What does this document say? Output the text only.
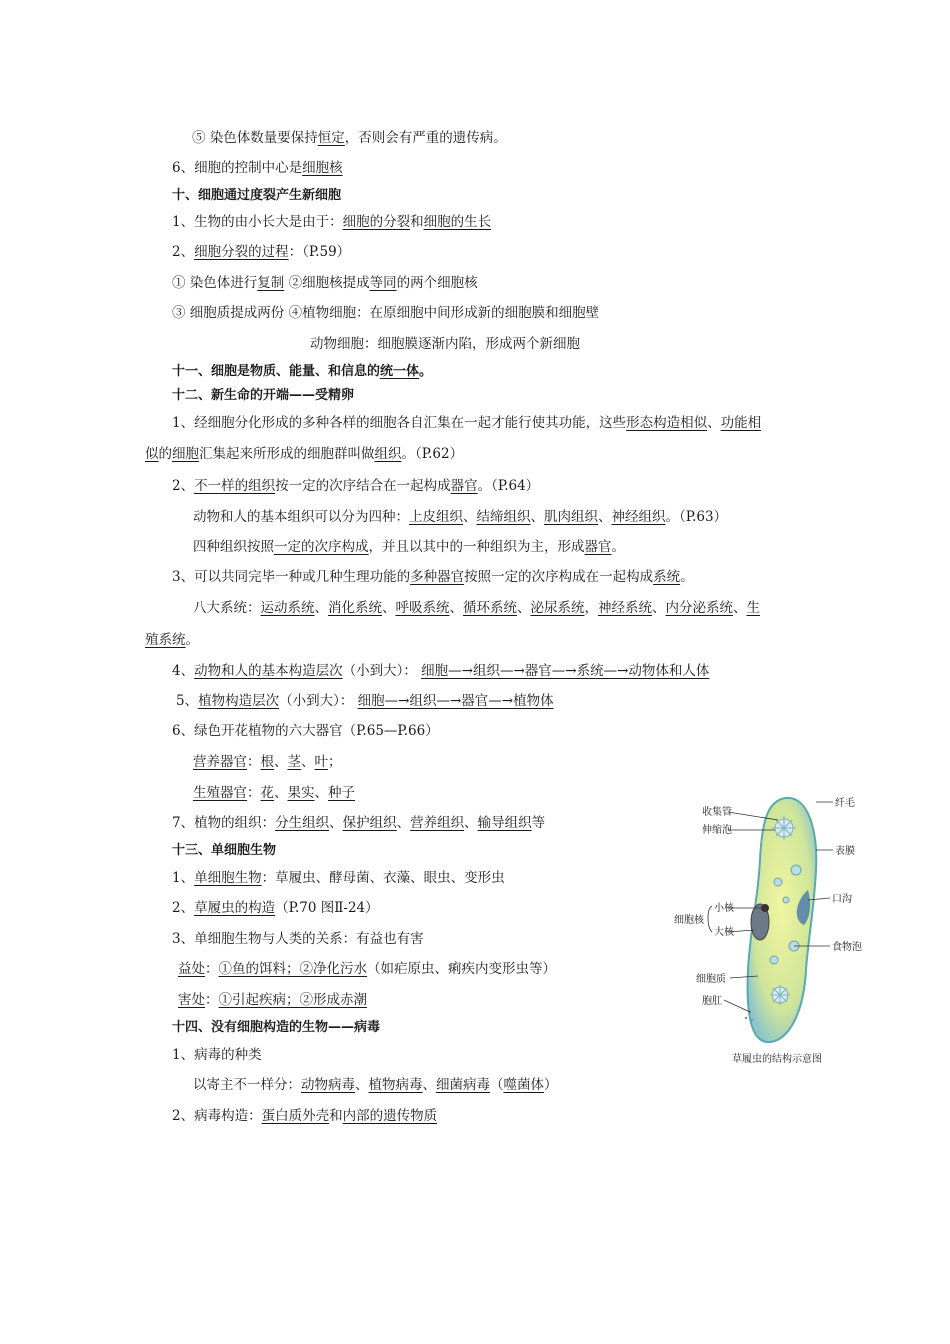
⑤ 染色体数量要保持恒定，否则会有严重的遗传病。
6、细胞的控制中心是细胞核
十、细胞通过度裂产生新细胞
1、生物的由小长大是由于：细胞的分裂和细胞的生长
2、细胞分裂的过程：（P.59）
① 染色体进行复制 ②细胞核提成等同的两个细胞核
③ 细胞质提成两份 ④植物细胞：在原细胞中间形成新的细胞膜和细胞壁
动物细胞：细胞膜逐渐内陷，形成两个新细胞
十一、细胞是物质、能量、和信息的统一体。
十二、新生命的开端——受精卵
1、经细胞分化形成的多种各样的细胞各自汇集在一起才能行使其功能，这些形态构造相似、功能相
似的细胞汇集起来所形成的细胞群叫做组织。（P.62）
2、不一样的组织按一定的次序结合在一起构成器官。（P.64）
动物和人的基本组织可以分为四种：上皮组织、结缔组织、肌肉组织、神经组织。（P.63）
四种组织按照一定的次序构成，并且以其中的一种组织为主，形成器官。
3、可以共同完毕一种或几种生理功能的多种器官按照一定的次序构成在一起构成系统。
八大系统：运动系统、消化系统、呼吸系统、循环系统、泌尿系统，神经系统、内分泌系统、生
殖系统。
4、动物和人的基本构造层次（小到大）： 细胞—→组织—→器官—→系统—→动物体和人体
5、植物构造层次（小到大）： 细胞—→组织—→器官—→植物体
6、绿色开花植物的六大器官（P.65—P.66）
营养器官：根、茎、叶；
生殖器官：花、果实、种子
7、植物的组织：分生组织、保护组织、营养组织、输导组织等
十三、单细胞生物
1、单细胞生物：草履虫、酵母菌、衣藻、眼虫、变形虫
2、草履虫的构造（P.70 图Ⅱ-24）
3、单细胞生物与人类的关系：有益也有害
益处：①鱼的饵料；②净化污水（如疟原虫、痢疾内变形虫等）
害处：①引起疾病；②形成赤潮
十四、没有细胞构造的生物——病毒
1、病毒的种类
以寄主不一样分：动物病毒、植物病毒、细菌病毒（噬菌体）
2、病毒构造：蛋白质外壳和内部的遗传物质
收集管
伸缩泡
纤毛
表膜
细胞核
小核
大核
口沟
食物泡
细胞质
胞肛
草履虫的结构示意图
